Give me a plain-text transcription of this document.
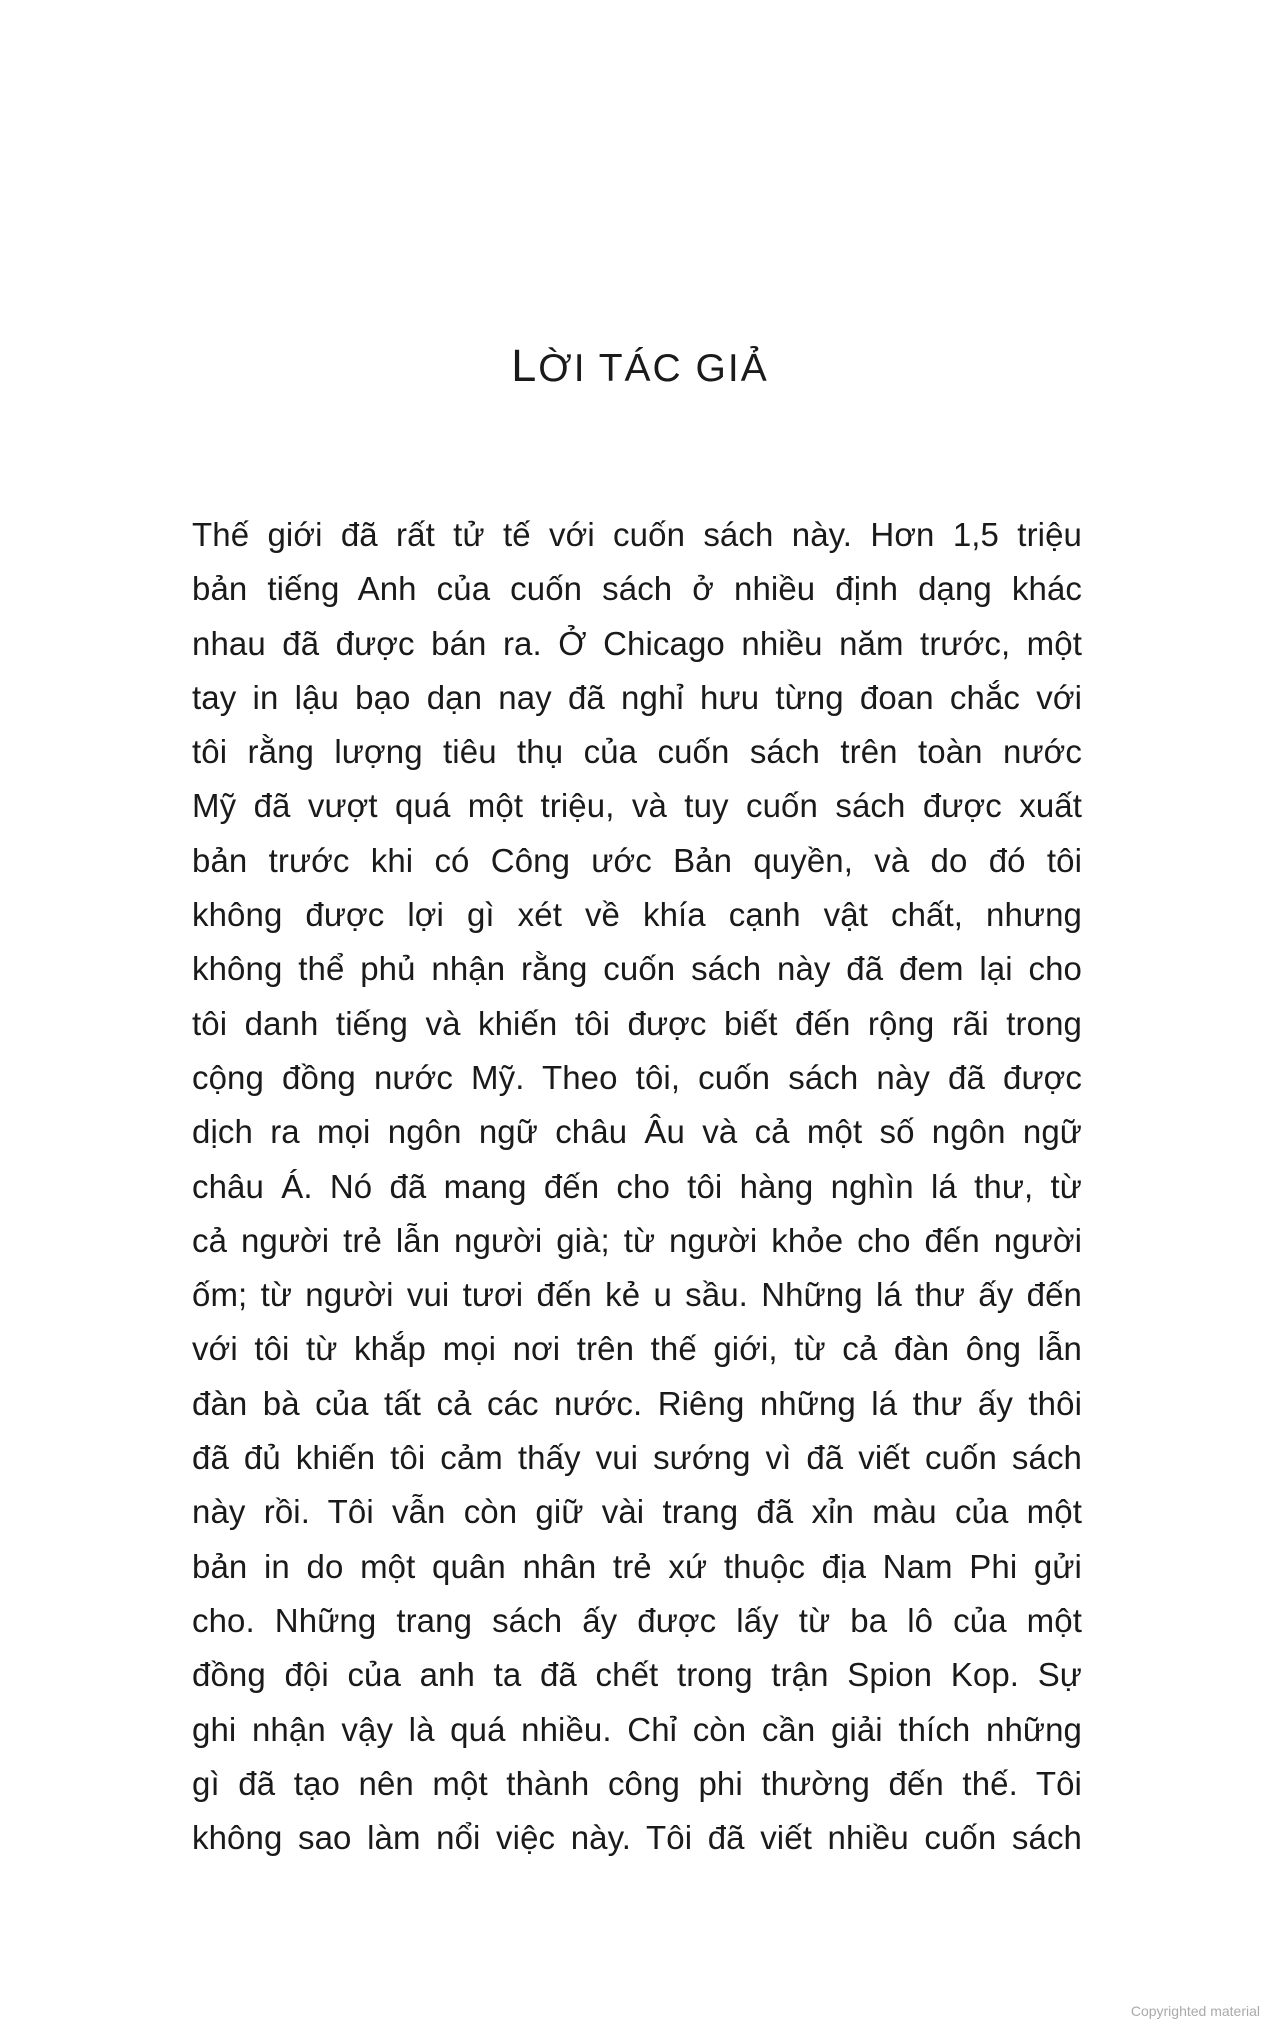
LỜI TÁC GIẢ
Thế giới đã rất tử tế với cuốn sách này. Hơn 1,5 triệu
bản tiếng Anh của cuốn sách ở nhiều định dạng khác
nhau đã được bán ra. Ở Chicago nhiều năm trước, một
tay in lậu bạo dạn nay đã nghỉ hưu từng đoan chắc với
tôi rằng lượng tiêu thụ của cuốn sách trên toàn nước
Mỹ đã vượt quá một triệu, và tuy cuốn sách được xuất
bản trước khi có Công ước Bản quyền, và do đó tôi
không được lợi gì xét về khía cạnh vật chất, nhưng
không thể phủ nhận rằng cuốn sách này đã đem lại cho
tôi danh tiếng và khiến tôi được biết đến rộng rãi trong
cộng đồng nước Mỹ. Theo tôi, cuốn sách này đã được
dịch ra mọi ngôn ngữ châu Âu và cả một số ngôn ngữ
châu Á. Nó đã mang đến cho tôi hàng nghìn lá thư, từ
cả người trẻ lẫn người già; từ người khỏe cho đến người
ốm; từ người vui tươi đến kẻ u sầu. Những lá thư ấy đến
với tôi từ khắp mọi nơi trên thế giới, từ cả đàn ông lẫn
đàn bà của tất cả các nước. Riêng những lá thư ấy thôi
đã đủ khiến tôi cảm thấy vui sướng vì đã viết cuốn sách
này rồi. Tôi vẫn còn giữ vài trang đã xỉn màu của một
bản in do một quân nhân trẻ xứ thuộc địa Nam Phi gửi
cho. Những trang sách ấy được lấy từ ba lô của một
đồng đội của anh ta đã chết trong trận Spion Kop. Sự
ghi nhận vậy là quá nhiều. Chỉ còn cần giải thích những
gì đã tạo nên một thành công phi thường đến thế. Tôi
không sao làm nổi việc này. Tôi đã viết nhiều cuốn sách
Copyrighted material
